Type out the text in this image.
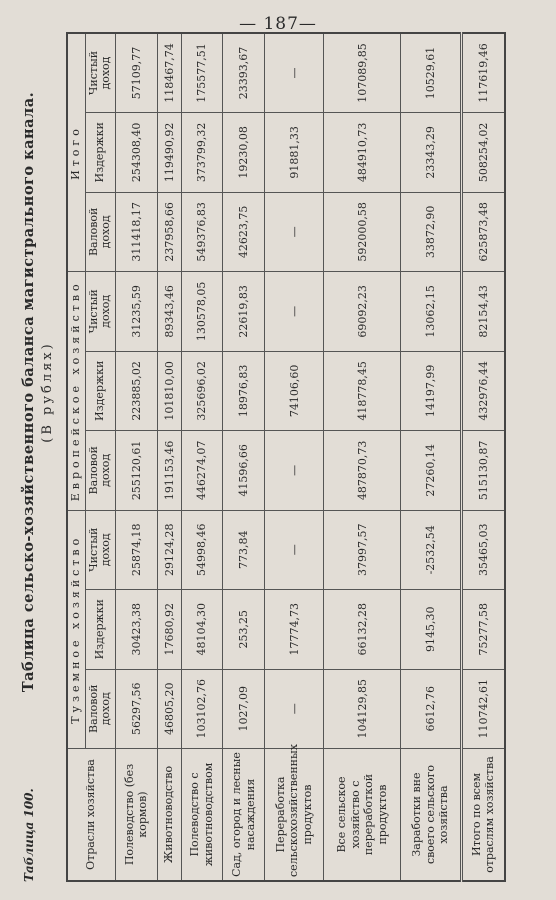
— 187—
Таблица 100.
Таблица сельско-хозяйственного баланса магистрального канала. (В рублях)
Отрасли хозяйства	Туземное хозяйство			Европейское хозяйство			Итого		
	Валовой доход	Издержки	Чистый доход	Валовой доход	Издержки	Чистый доход	Валовой доход	Издержки	Чистый доход
Полеводство (без кормов)	56297,56	30423,38	25874,18	255120,61	223885,02	31235,59	311418,17	254308,40	57109,77
Животноводство	46805,20	17680,92	29124,28	191153,46	101810,00	89343,46	237958,66	119490,92	118467,74
Полеводство с животноводством	103102,76	48104,30	54998,46	446274,07	325696,02	130578,05	549376,83	373799,32	175577,51
Сад, огород и лесные насаждения	1027,09	253,25	773,84	41596,66	18976,83	22619,83	42623,75	19230,08	23393,67
Переработка сельскохозяйственных продуктов	—	17774,73	—	—	74106,60	—	—	91881,33	—
Все сельское хозяйство с переработкой продуктов	104129,85	66132,28	37997,57	487870,73	418778,45	69092,23	592000,58	484910,73	107089,85
Заработки вне своего сельского хозяйства	6612,76	9145,30	-2532,54	27260,14	14197,99	13062,15	33872,90	23343,29	10529,61
Итого по всем отраслям хозяйства	110742,61	75277,58	35465,03	515130,87	432976,44	82154,43	625873,48	508254,02	117619,46
